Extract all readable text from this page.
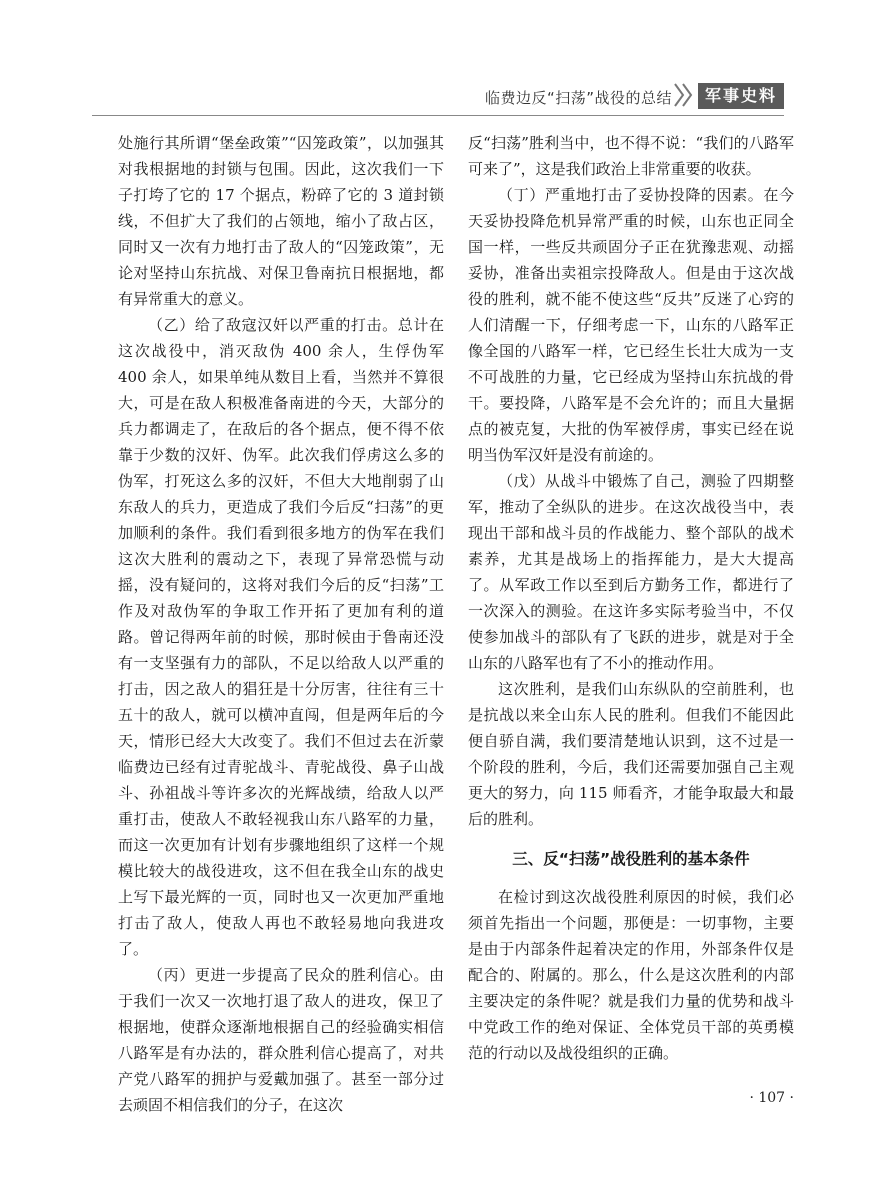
临费边反“扫荡”战役的总结	军事史料

处施行其所谓“堡垒政策”“囚笼政策”，以加强其对我根据地的封锁与包围。因此，这次我们一下子打垮了它的 17 个据点，粉碎了它的 3 道封锁线，不但扩大了我们的占领地，缩小了敌占区，同时又一次有力地打击了敌人的“囚笼政策”，无论对坚持山东抗战、对保卫鲁南抗日根据地，都有异常重大的意义。

（乙）给了敌寇汉奸以严重的打击。总计在这次战役中，消灭敌伪 400 余人，生俘伪军 400 余人，如果单纯从数目上看，当然并不算很大，可是在敌人积极准备南进的今天，大部分的兵力都调走了，在敌后的各个据点，便不得不依靠于少数的汉奸、伪军。此次我们俘虏这么多的伪军，打死这么多的汉奸，不但大大地削弱了山东敌人的兵力，更造成了我们今后反“扫荡”的更加顺利的条件。我们看到很多地方的伪军在我们这次大胜利的震动之下，表现了异常恐慌与动摇，没有疑问的，这将对我们今后的反“扫荡”工作及对敌伪军的争取工作开拓了更加有利的道路。曾记得两年前的时候，那时候由于鲁南还没有一支坚强有力的部队，不足以给敌人以严重的打击，因之敌人的猖狂是十分厉害，往往有三十五十的敌人，就可以横冲直闯，但是两年后的今天，情形已经大大改变了。我们不但过去在沂蒙临费边已经有过青驼战斗、青驼战役、鼻子山战斗、孙祖战斗等许多次的光辉战绩，给敌人以严重打击，使敌人不敢轻视我山东八路军的力量，而这一次更加有计划有步骤地组织了这样一个规模比较大的战役进攻，这不但在我全山东的战史上写下最光辉的一页，同时也又一次更加严重地打击了敌人，使敌人再也不敢轻易地向我进攻了。

（丙）更进一步提高了民众的胜利信心。由于我们一次又一次地打退了敌人的进攻，保卫了根据地，使群众逐渐地根据自己的经验确实相信八路军是有办法的，群众胜利信心提高了，对共产党八路军的拥护与爱戴加强了。甚至一部分过去顽固不相信我们的分子，在这次

反“扫荡”胜利当中，也不得不说：“我们的八路军可来了”，这是我们政治上非常重要的收获。

（丁）严重地打击了妥协投降的因素。在今天妥协投降危机异常严重的时候，山东也正同全国一样，一些反共顽固分子正在犹豫悲观、动摇妥协，准备出卖祖宗投降敌人。但是由于这次战役的胜利，就不能不使这些“反共”反迷了心窍的人们清醒一下，仔细考虑一下，山东的八路军正像全国的八路军一样，它已经生长壮大成为一支不可战胜的力量，它已经成为坚持山东抗战的骨干。要投降，八路军是不会允许的；而且大量据点的被克复，大批的伪军被俘虏，事实已经在说明当伪军汉奸是没有前途的。

（戊）从战斗中锻炼了自己，测验了四期整军，推动了全纵队的进步。在这次战役当中，表现出干部和战斗员的作战能力、整个部队的战术素养，尤其是战场上的指挥能力，是大大提高了。从军政工作以至到后方勤务工作，都进行了一次深入的测验。在这许多实际考验当中，不仅使参加战斗的部队有了飞跃的进步，就是对于全山东的八路军也有了不小的推动作用。

这次胜利，是我们山东纵队的空前胜利，也是抗战以来全山东人民的胜利。但我们不能因此便自骄自满，我们要清楚地认识到，这不过是一个阶段的胜利，今后，我们还需要加强自己主观更大的努力，向 115 师看齐，才能争取最大和最后的胜利。

三、反“扫荡”战役胜利的基本条件

在检讨到这次战役胜利原因的时候，我们必须首先指出一个问题，那便是：一切事物，主要是由于内部条件起着决定的作用，外部条件仅是配合的、附属的。那么，什么是这次胜利的内部主要决定的条件呢？就是我们力量的优势和战斗中党政工作的绝对保证、全体党员干部的英勇模范的行动以及战役组织的正确。

· 107 ·
